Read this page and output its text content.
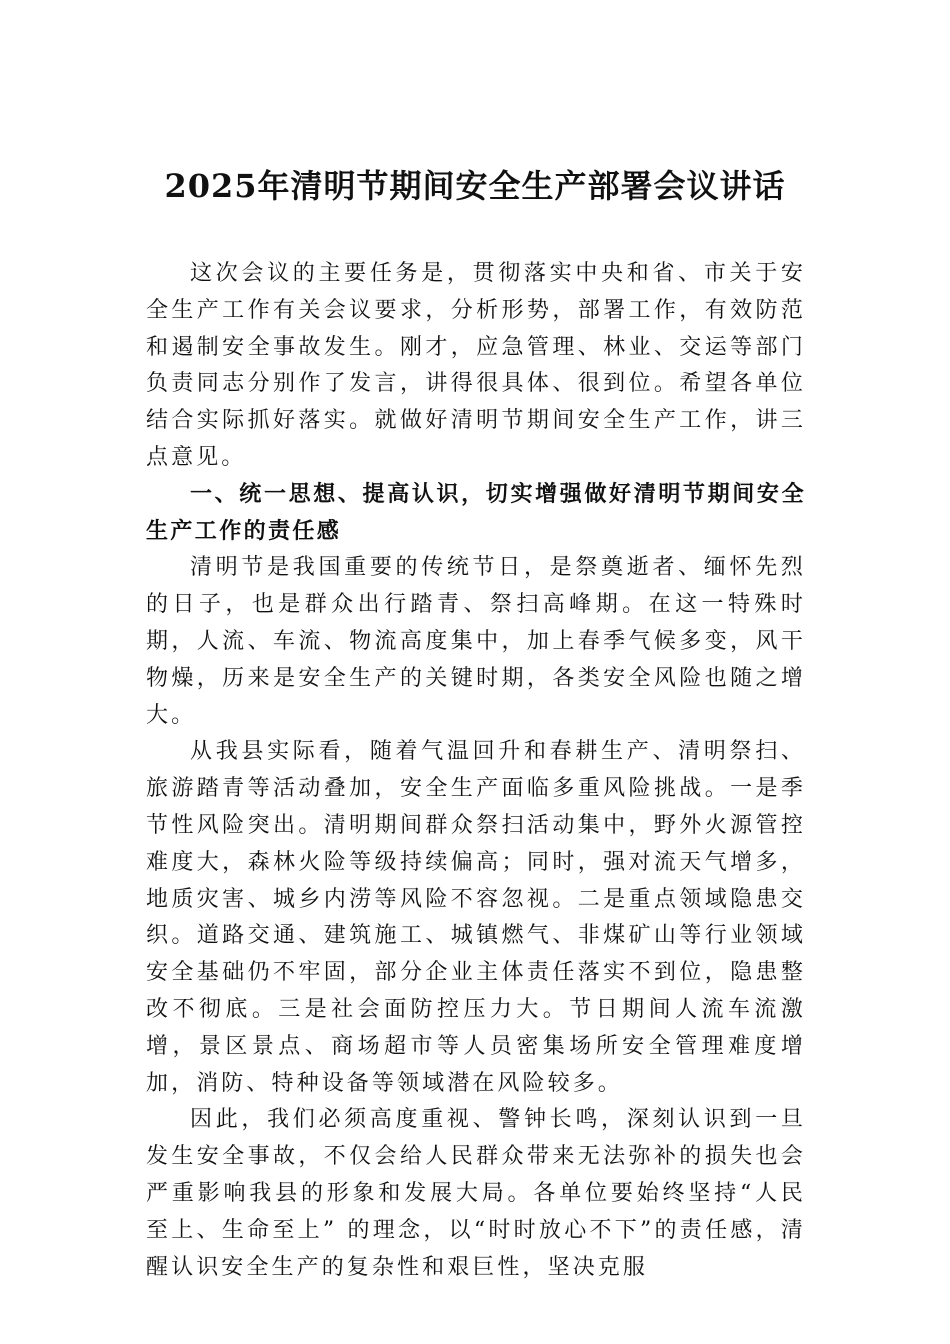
2025年清明节期间安全生产部署会议讲话

这次会议的主要任务是，贯彻落实中央和省、市关于安全生产工作有关会议要求，分析形势，部署工作，有效防范和遏制安全事故发生。刚才，应急管理、林业、交运等部门负责同志分别作了发言，讲得很具体、很到位。希望各单位结合实际抓好落实。就做好清明节期间安全生产工作，讲三点意见。

一、统一思想、提高认识，切实增强做好清明节期间安全生产工作的责任感

清明节是我国重要的传统节日，是祭奠逝者、缅怀先烈的日子，也是群众出行踏青、祭扫高峰期。在这一特殊时期，人流、车流、物流高度集中，加上春季气候多变，风干物燥，历来是安全生产的关键时期，各类安全风险也随之增大。

从我县实际看，随着气温回升和春耕生产、清明祭扫、旅游踏青等活动叠加，安全生产面临多重风险挑战。一是季节性风险突出。清明期间群众祭扫活动集中，野外火源管控难度大，森林火险等级持续偏高；同时，强对流天气增多，地质灾害、城乡内涝等风险不容忽视。二是重点领域隐患交织。道路交通、建筑施工、城镇燃气、非煤矿山等行业领域安全基础仍不牢固，部分企业主体责任落实不到位，隐患整改不彻底。三是社会面防控压力大。节日期间人流车流激增，景区景点、商场超市等人员密集场所安全管理难度增加，消防、特种设备等领域潜在风险较多。

因此，我们必须高度重视、警钟长鸣，深刻认识到一旦发生安全事故，不仅会给人民群众带来无法弥补的损失也会严重影响我县的形象和发展大局。各单位要始终坚持“人民至上、生命至上” 的理念，以“时时放心不下”的责任感，清醒认识安全生产的复杂性和艰巨性，坚决克服
